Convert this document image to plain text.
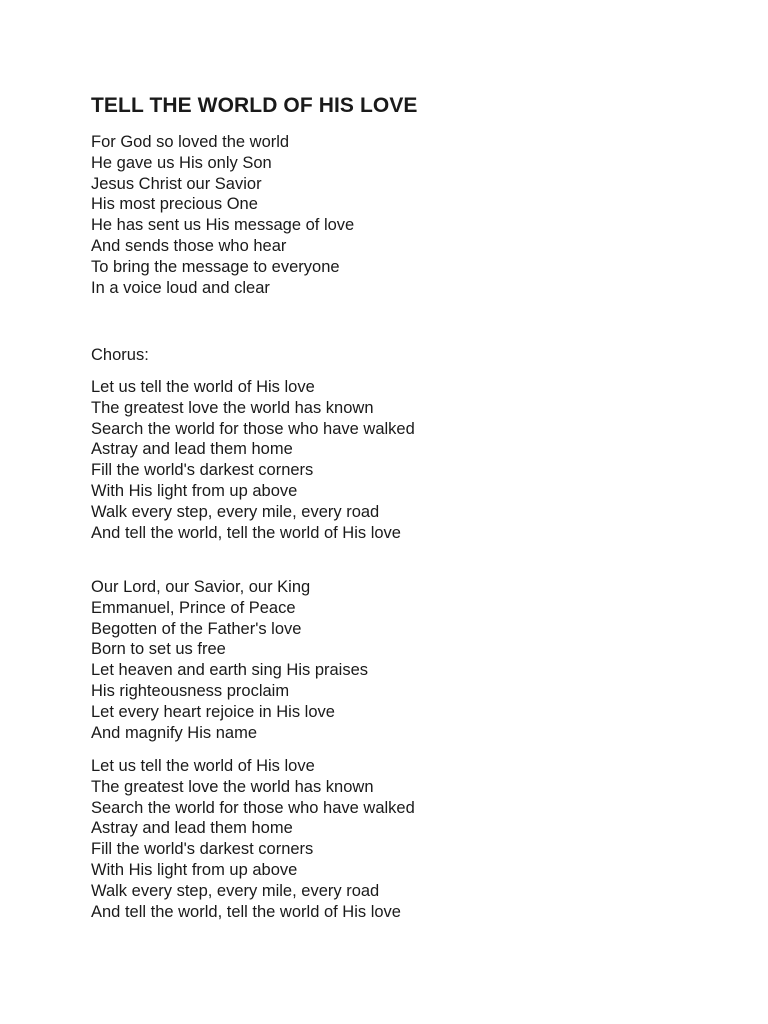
TELL THE WORLD OF HIS LOVE
For God so loved the world
He gave us His only Son
Jesus Christ our Savior
His most precious One
He has sent us His message of love
And sends those who hear
To bring the message to everyone
In a voice loud and clear

Chorus:

Let us tell the world of His love
The greatest love the world has known
Search the world for those who have walked
Astray and lead them home
Fill the world's darkest corners
With His light from up above
Walk every step, every mile, every road
And tell the world, tell the world of His love
Our Lord, our Savior, our King
Emmanuel, Prince of Peace
Begotten of the Father's love
Born to set us free
Let heaven and earth sing His praises
His righteousness proclaim
Let every heart rejoice in His love
And magnify His name
Let us tell the world of His love
The greatest love the world has known
Search the world for those who have walked
Astray and lead them home
Fill the world's darkest corners
With His light from up above
Walk every step, every mile, every road
And tell the world, tell the world of His love
